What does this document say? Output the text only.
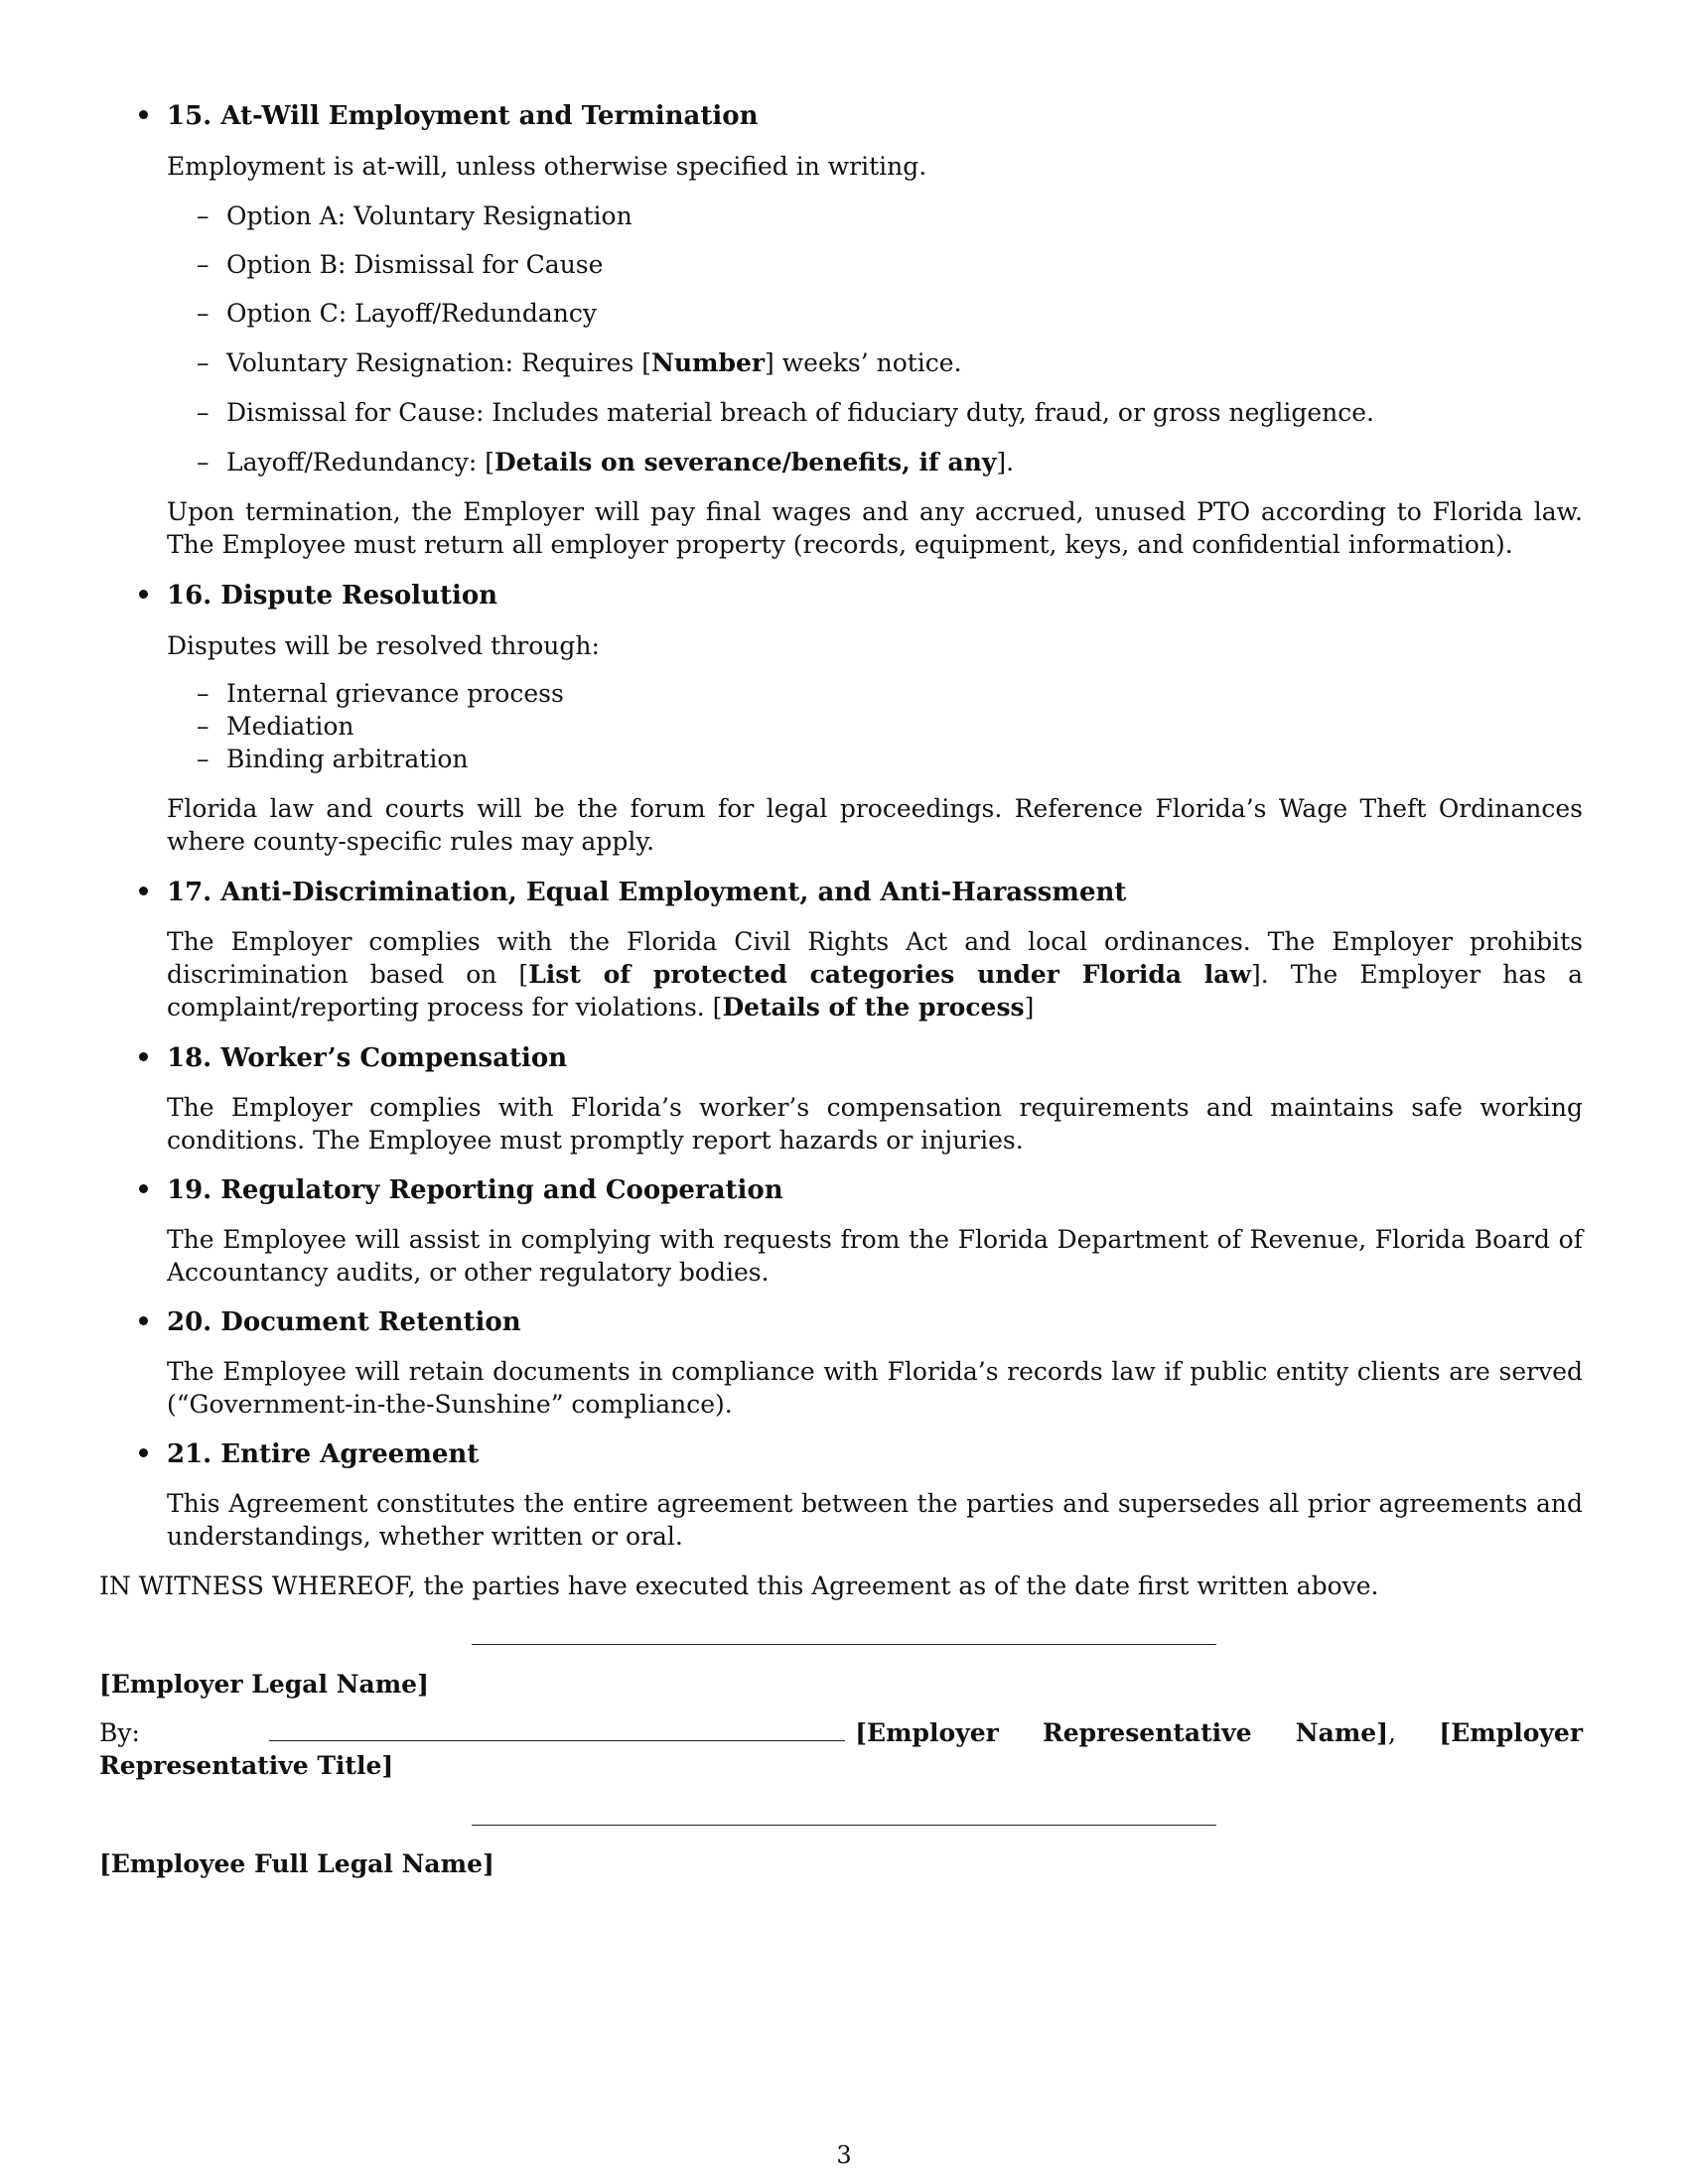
15. At-Will Employment and Termination
Employment is at-will, unless otherwise specified in writing.
– Option A: Voluntary Resignation
– Option B: Dismissal for Cause
– Option C: Layoff/Redundancy
– Voluntary Resignation: Requires [Number] weeks’ notice.
– Dismissal for Cause: Includes material breach of fiduciary duty, fraud, or gross negligence.
– Layoff/Redundancy: [Details on severance/benefits, if any].
Upon termination, the Employer will pay final wages and any accrued, unused PTO according to Florida law. The Employee must return all employer property (records, equipment, keys, and confidential information).
16. Dispute Resolution
Disputes will be resolved through:
– Internal grievance process
– Mediation
– Binding arbitration
Florida law and courts will be the forum for legal proceedings. Reference Florida’s Wage Theft Ordinances where county-specific rules may apply.
17. Anti-Discrimination, Equal Employment, and Anti-Harassment
The Employer complies with the Florida Civil Rights Act and local ordinances. The Employer prohibits discrimination based on [List of protected categories under Florida law]. The Employer has a complaint/reporting process for violations. [Details of the process]
18. Worker’s Compensation
The Employer complies with Florida’s worker’s compensation requirements and maintains safe working conditions. The Employee must promptly report hazards or injuries.
19. Regulatory Reporting and Cooperation
The Employee will assist in complying with requests from the Florida Department of Revenue, Florida Board of Accountancy audits, or other regulatory bodies.
20. Document Retention
The Employee will retain documents in compliance with Florida’s records law if public entity clients are served (“Government-in-the-Sunshine” compliance).
21. Entire Agreement
This Agreement constitutes the entire agreement between the parties and supersedes all prior agreements and understandings, whether written or oral.
IN WITNESS WHEREOF, the parties have executed this Agreement as of the date first written above.
[Employer Legal Name]
By:	[Employer Representative Name], [Employer Representative Title]
[Employee Full Legal Name]
3
